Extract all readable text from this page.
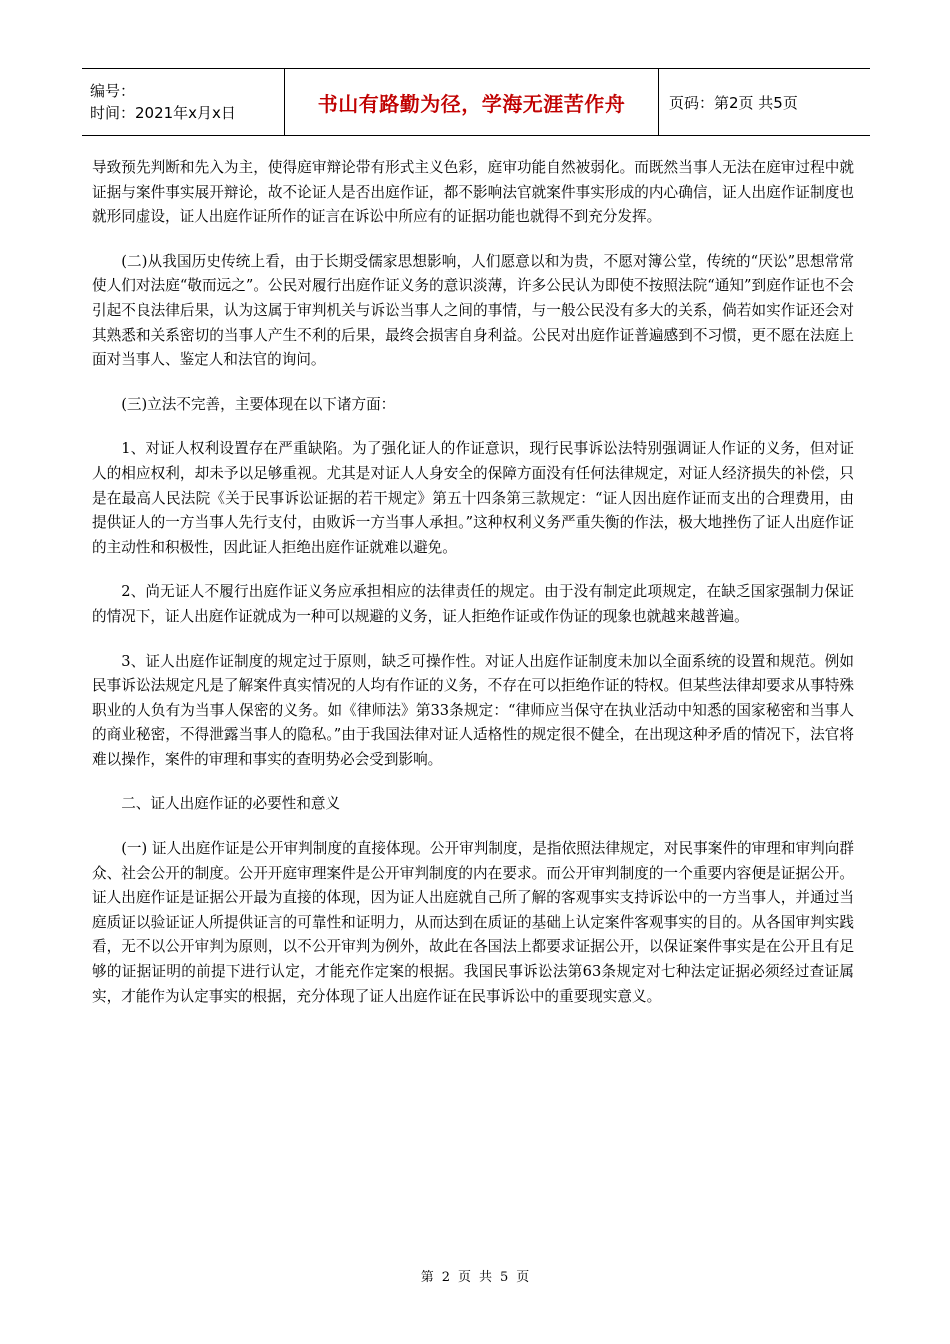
编号：
时间：2021年x月x日	书山有路勤为径，学海无涯苦作舟	页码：第2页 共5页

导致预先判断和先入为主，使得庭审辩论带有形式主义色彩，庭审功能自然被弱化。而既然当事人无法在庭审过程中就证据与案件事实展开辩论，故不论证人是否出庭作证，都不影响法官就案件事实形成的内心确信，证人出庭作证制度也就形同虚设，证人出庭作证所作的证言在诉讼中所应有的证据功能也就得不到充分发挥。

(二)从我国历史传统上看，由于长期受儒家思想影响，人们愿意以和为贵，不愿对簿公堂，传统的“厌讼”思想常常使人们对法庭“敬而远之”。公民对履行出庭作证义务的意识淡薄，许多公民认为即使不按照法院“通知”到庭作证也不会引起不良法律后果，认为这属于审判机关与诉讼当事人之间的事情，与一般公民没有多大的关系，倘若如实作证还会对其熟悉和关系密切的当事人产生不利的后果，最终会损害自身利益。公民对出庭作证普遍感到不习惯，更不愿在法庭上面对当事人、鉴定人和法官的询问。

(三)立法不完善，主要体现在以下诸方面：

1、对证人权利设置存在严重缺陷。为了强化证人的作证意识，现行民事诉讼法特别强调证人作证的义务，但对证人的相应权利，却未予以足够重视。尤其是对证人人身安全的保障方面没有任何法律规定，对证人经济损失的补偿，只是在最高人民法院《关于民事诉讼证据的若干规定》第五十四条第三款规定：“证人因出庭作证而支出的合理费用，由提供证人的一方当事人先行支付，由败诉一方当事人承担。”这种权利义务严重失衡的作法，极大地挫伤了证人出庭作证的主动性和积极性，因此证人拒绝出庭作证就难以避免。

2、尚无证人不履行出庭作证义务应承担相应的法律责任的规定。由于没有制定此项规定，在缺乏国家强制力保证的情况下，证人出庭作证就成为一种可以规避的义务，证人拒绝作证或作伪证的现象也就越来越普遍。

3、证人出庭作证制度的规定过于原则，缺乏可操作性。对证人出庭作证制度未加以全面系统的设置和规范。例如民事诉讼法规定凡是了解案件真实情况的人均有作证的义务，不存在可以拒绝作证的特权。但某些法律却要求从事特殊职业的人负有为当事人保密的义务。如《律师法》第33条规定：“律师应当保守在执业活动中知悉的国家秘密和当事人的商业秘密，不得泄露当事人的隐私。”由于我国法律对证人适格性的规定很不健全，在出现这种矛盾的情况下，法官将难以操作，案件的审理和事实的查明势必会受到影响。

二、证人出庭作证的必要性和意义

(一) 证人出庭作证是公开审判制度的直接体现。公开审判制度，是指依照法律规定，对民事案件的审理和审判向群众、社会公开的制度。公开开庭审理案件是公开审判制度的内在要求。而公开审判制度的一个重要内容便是证据公开。证人出庭作证是证据公开最为直接的体现，因为证人出庭就自己所了解的客观事实支持诉讼中的一方当事人，并通过当庭质证以验证证人所提供证言的可靠性和证明力，从而达到在质证的基础上认定案件客观事实的目的。从各国审判实践看，无不以公开审判为原则，以不公开审判为例外，故此在各国法上都要求证据公开，以保证案件事实是在公开且有足够的证据证明的前提下进行认定，才能充作定案的根据。我国民事诉讼法第63条规定对七种法定证据必须经过查证属实，才能作为认定事实的根据，充分体现了证人出庭作证在民事诉讼中的重要现实意义。

第 2 页 共 5 页
